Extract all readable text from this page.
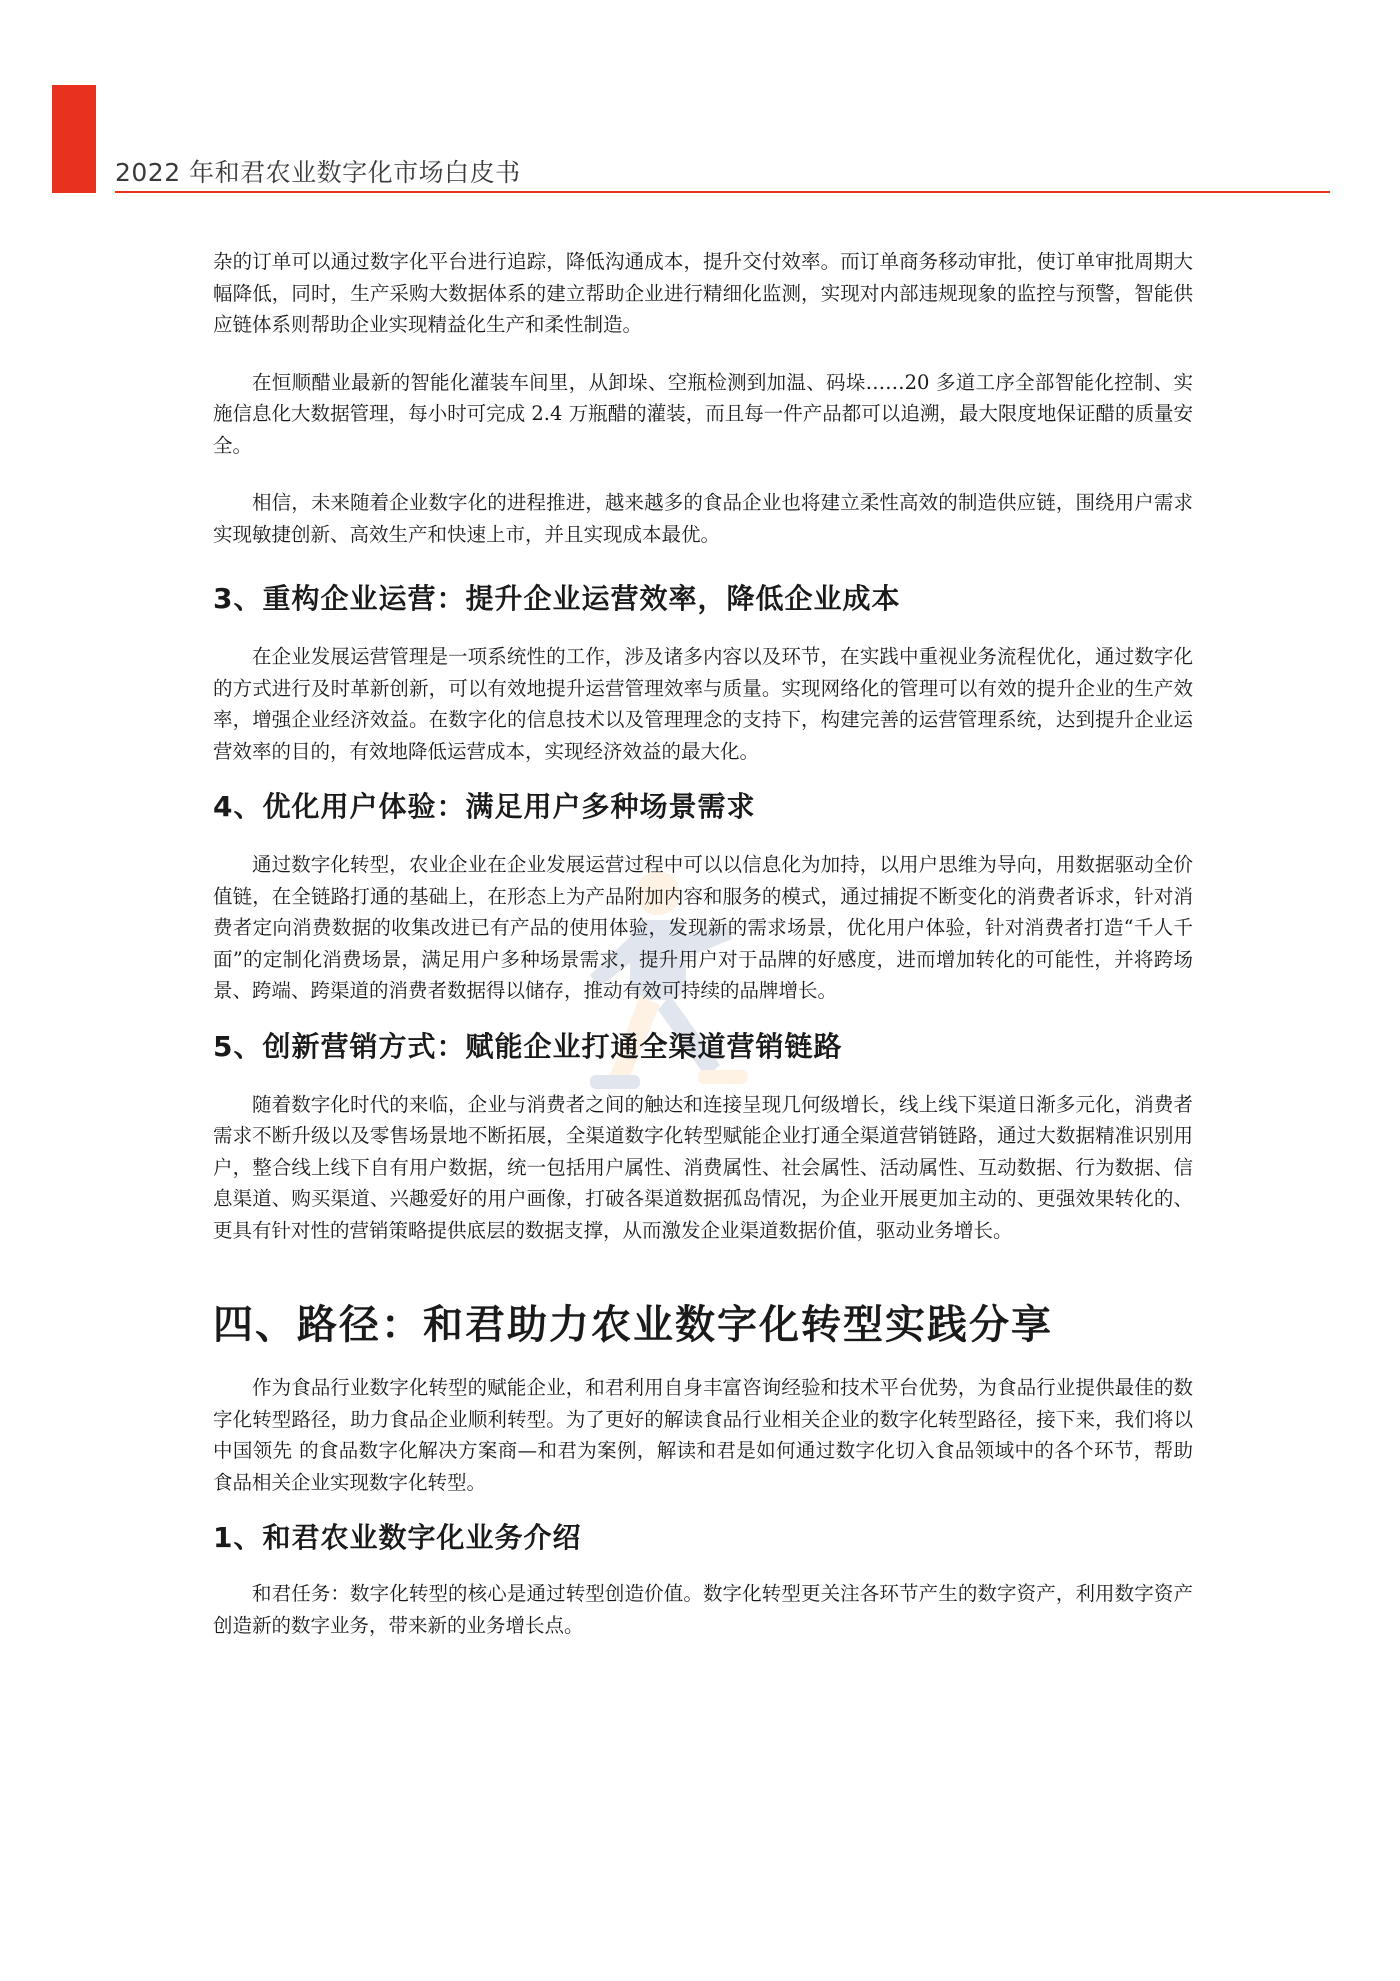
2022 年和君农业数字化市场白皮书

杂的订单可以通过数字化平台进行追踪，降低沟通成本，提升交付效率。而订单商务移动审批，使订单审批周期大幅降低，同时，生产采购大数据体系的建立帮助企业进行精细化监测，实现对内部违规现象的监控与预警，智能供应链体系则帮助企业实现精益化生产和柔性制造。

在恒顺醋业最新的智能化灌装车间里，从卸垛、空瓶检测到加温、码垛……20 多道工序全部智能化控制、实施信息化大数据管理，每小时可完成 2.4 万瓶醋的灌装，而且每一件产品都可以追溯，最大限度地保证醋的质量安全。

相信，未来随着企业数字化的进程推进，越来越多的食品企业也将建立柔性高效的制造供应链，围绕用户需求实现敏捷创新、高效生产和快速上市，并且实现成本最优。

3、重构企业运营：提升企业运营效率，降低企业成本

在企业发展运营管理是一项系统性的工作，涉及诸多内容以及环节，在实践中重视业务流程优化，通过数字化的方式进行及时革新创新，可以有效地提升运营管理效率与质量。实现网络化的管理可以有效的提升企业的生产效率，增强企业经济效益。在数字化的信息技术以及管理理念的支持下，构建完善的运营管理系统，达到提升企业运营效率的目的，有效地降低运营成本，实现经济效益的最大化。

4、优化用户体验：满足用户多种场景需求

通过数字化转型，农业企业在企业发展运营过程中可以以信息化为加持，以用户思维为导向，用数据驱动全价值链，在全链路打通的基础上，在形态上为产品附加内容和服务的模式，通过捕捉不断变化的消费者诉求，针对消费者定向消费数据的收集改进已有产品的使用体验，发现新的需求场景，优化用户体验，针对消费者打造“千人千面”的定制化消费场景，满足用户多种场景需求，提升用户对于品牌的好感度，进而增加转化的可能性，并将跨场景、跨端、跨渠道的消费者数据得以储存，推动有效可持续的品牌增长。

5、创新营销方式：赋能企业打通全渠道营销链路

随着数字化时代的来临，企业与消费者之间的触达和连接呈现几何级增长，线上线下渠道日渐多元化，消费者需求不断升级以及零售场景地不断拓展，全渠道数字化转型赋能企业打通全渠道营销链路，通过大数据精准识别用户，整合线上线下自有用户数据，统一包括用户属性、消费属性、社会属性、活动属性、互动数据、行为数据、信息渠道、购买渠道、兴趣爱好的用户画像，打破各渠道数据孤岛情况，为企业开展更加主动的、更强效果转化的、更具有针对性的营销策略提供底层的数据支撑，从而激发企业渠道数据价值，驱动业务增长。

四、路径：和君助力农业数字化转型实践分享

作为食品行业数字化转型的赋能企业，和君利用自身丰富咨询经验和技术平台优势，为食品行业提供最佳的数字化转型路径，助力食品企业顺利转型。为了更好的解读食品行业相关企业的数字化转型路径，接下来，我们将以中国领先 的食品数字化解决方案商—和君为案例，解读和君是如何通过数字化切入食品领域中的各个环节，帮助食品相关企业实现数字化转型。

1、和君农业数字化业务介绍

和君任务：数字化转型的核心是通过转型创造价值。数字化转型更关注各环节产生的数字资产，利用数字资产创造新的数字业务，带来新的业务增长点。
